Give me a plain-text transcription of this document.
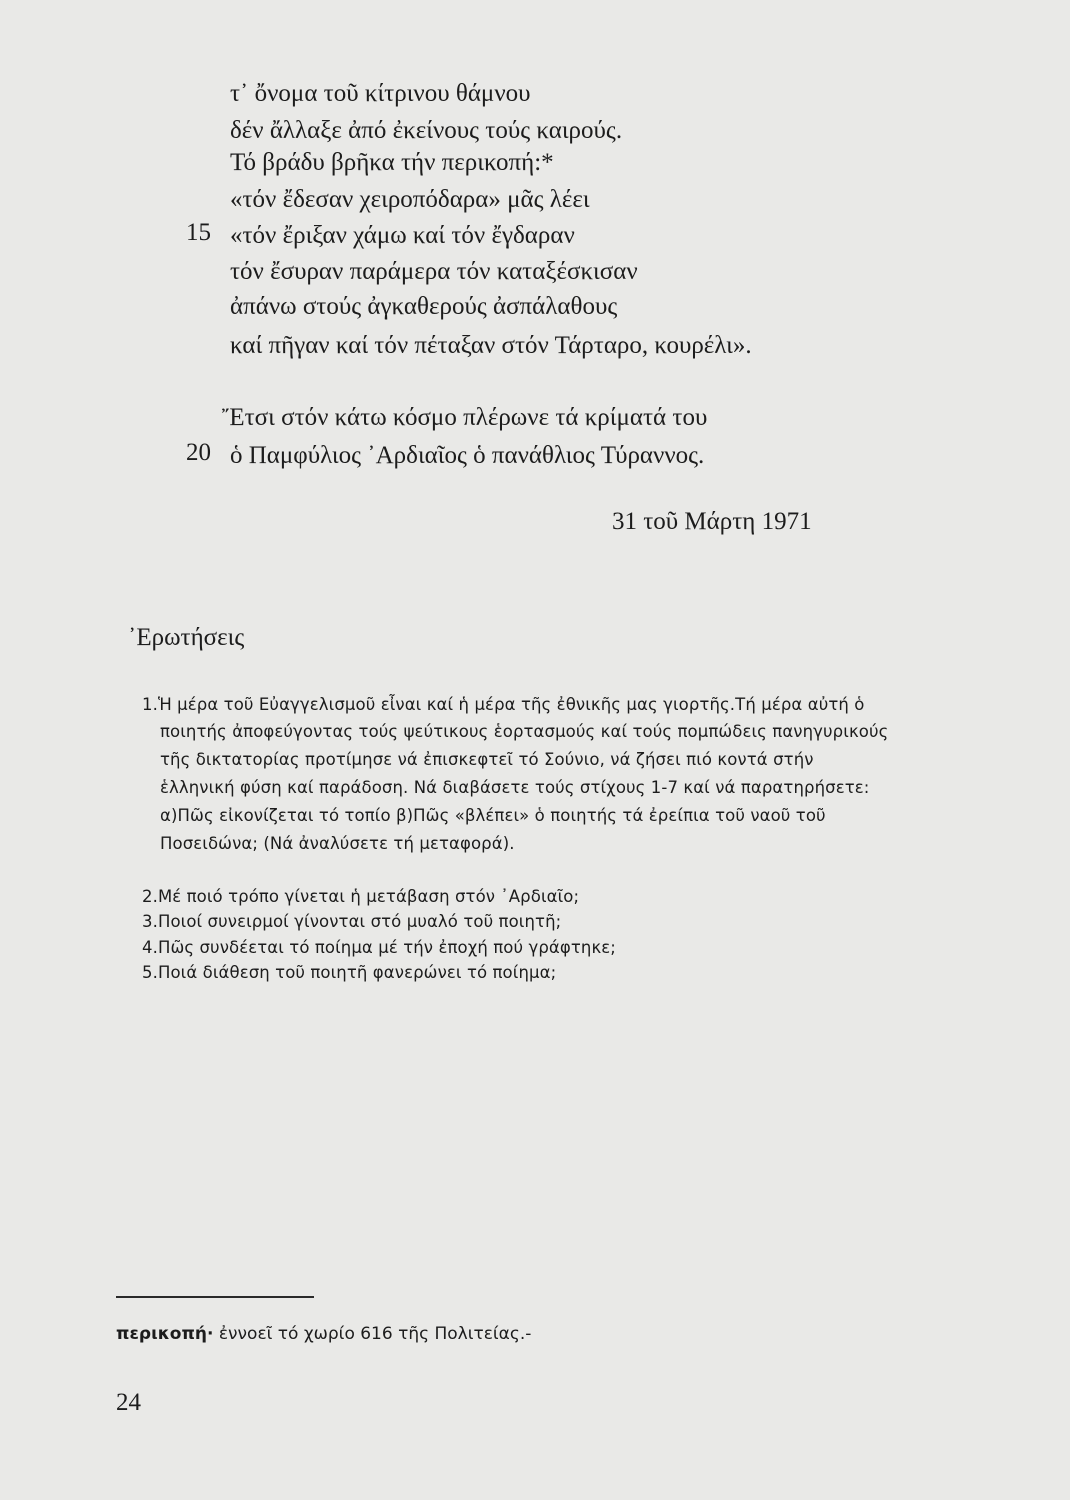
τ᾽ ὄνομα τοῦ κίτρινου θάμνου
δέν ἄλλαξε ἀπό ἐκείνους τούς καιρούς.
Τό βράδυ βρῆκα τήν περικοπή:*
«τόν ἔδεσαν χειροπόδαρα» μᾶς λέει
15 «τόν ἔριξαν χάμω καί τόν ἔγδαραν
τόν ἔσυραν παράμερα τόν καταξέσκισαν
ἀπάνω στούς ἀγκαθερούς ἀσπάλαθους
καί πῆγαν καί τόν πέταξαν στόν Τάρταρο, κουρέλι».
Ἔτσι στόν κάτω κόσμο πλέρωνε τά κρίματά του
20 ὁ Παμφύλιος ᾽Αρδιαῖος ὁ πανάθλιος Τύραννος.
31 τοῦ Μάρτη 1971
᾽Ερωτήσεις
1.Ἡ μέρα τοῦ Εὐαγγελισμοῦ εἶναι καί ἡ μέρα τῆς ἐθνικῆς μας γιορτῆς.Τή μέρα αὐτή ὁ
ποιητής ἀποφεύγοντας τούς ψεύτικους ἑορτασμούς καί τούς πομπώδεις πανηγυρικούς
τῆς δικτατορίας προτίμησε νά ἐπισκεφτεῖ τό Σούνιο, νά ζήσει πιό κοντά στήν
ἑλληνική φύση καί παράδοση. Νά διαβάσετε τούς στίχους 1-7 καί νά παρατηρήσετε:
α)Πῶς εἰκονίζεται τό τοπίο β)Πῶς «βλέπει» ὁ ποιητής τά ἐρείπια τοῦ ναοῦ τοῦ
Ποσειδώνα; (Νά ἀναλύσετε τή μεταφορά).
2.Μέ ποιό τρόπο γίνεται ἡ μετάβαση στόν ᾽Αρδιαῖο;
3.Ποιοί συνειρμοί γίνονται στό μυαλό τοῦ ποιητῆ;
4.Πῶς συνδέεται τό ποίημα μέ τήν ἐποχή πού γράφτηκε;
5.Ποιά διάθεση τοῦ ποιητῆ φανερώνει τό ποίημα;
περικοπή· ἐννοεῖ τό χωρίο 616 τῆς Πολιτείας.-
24
